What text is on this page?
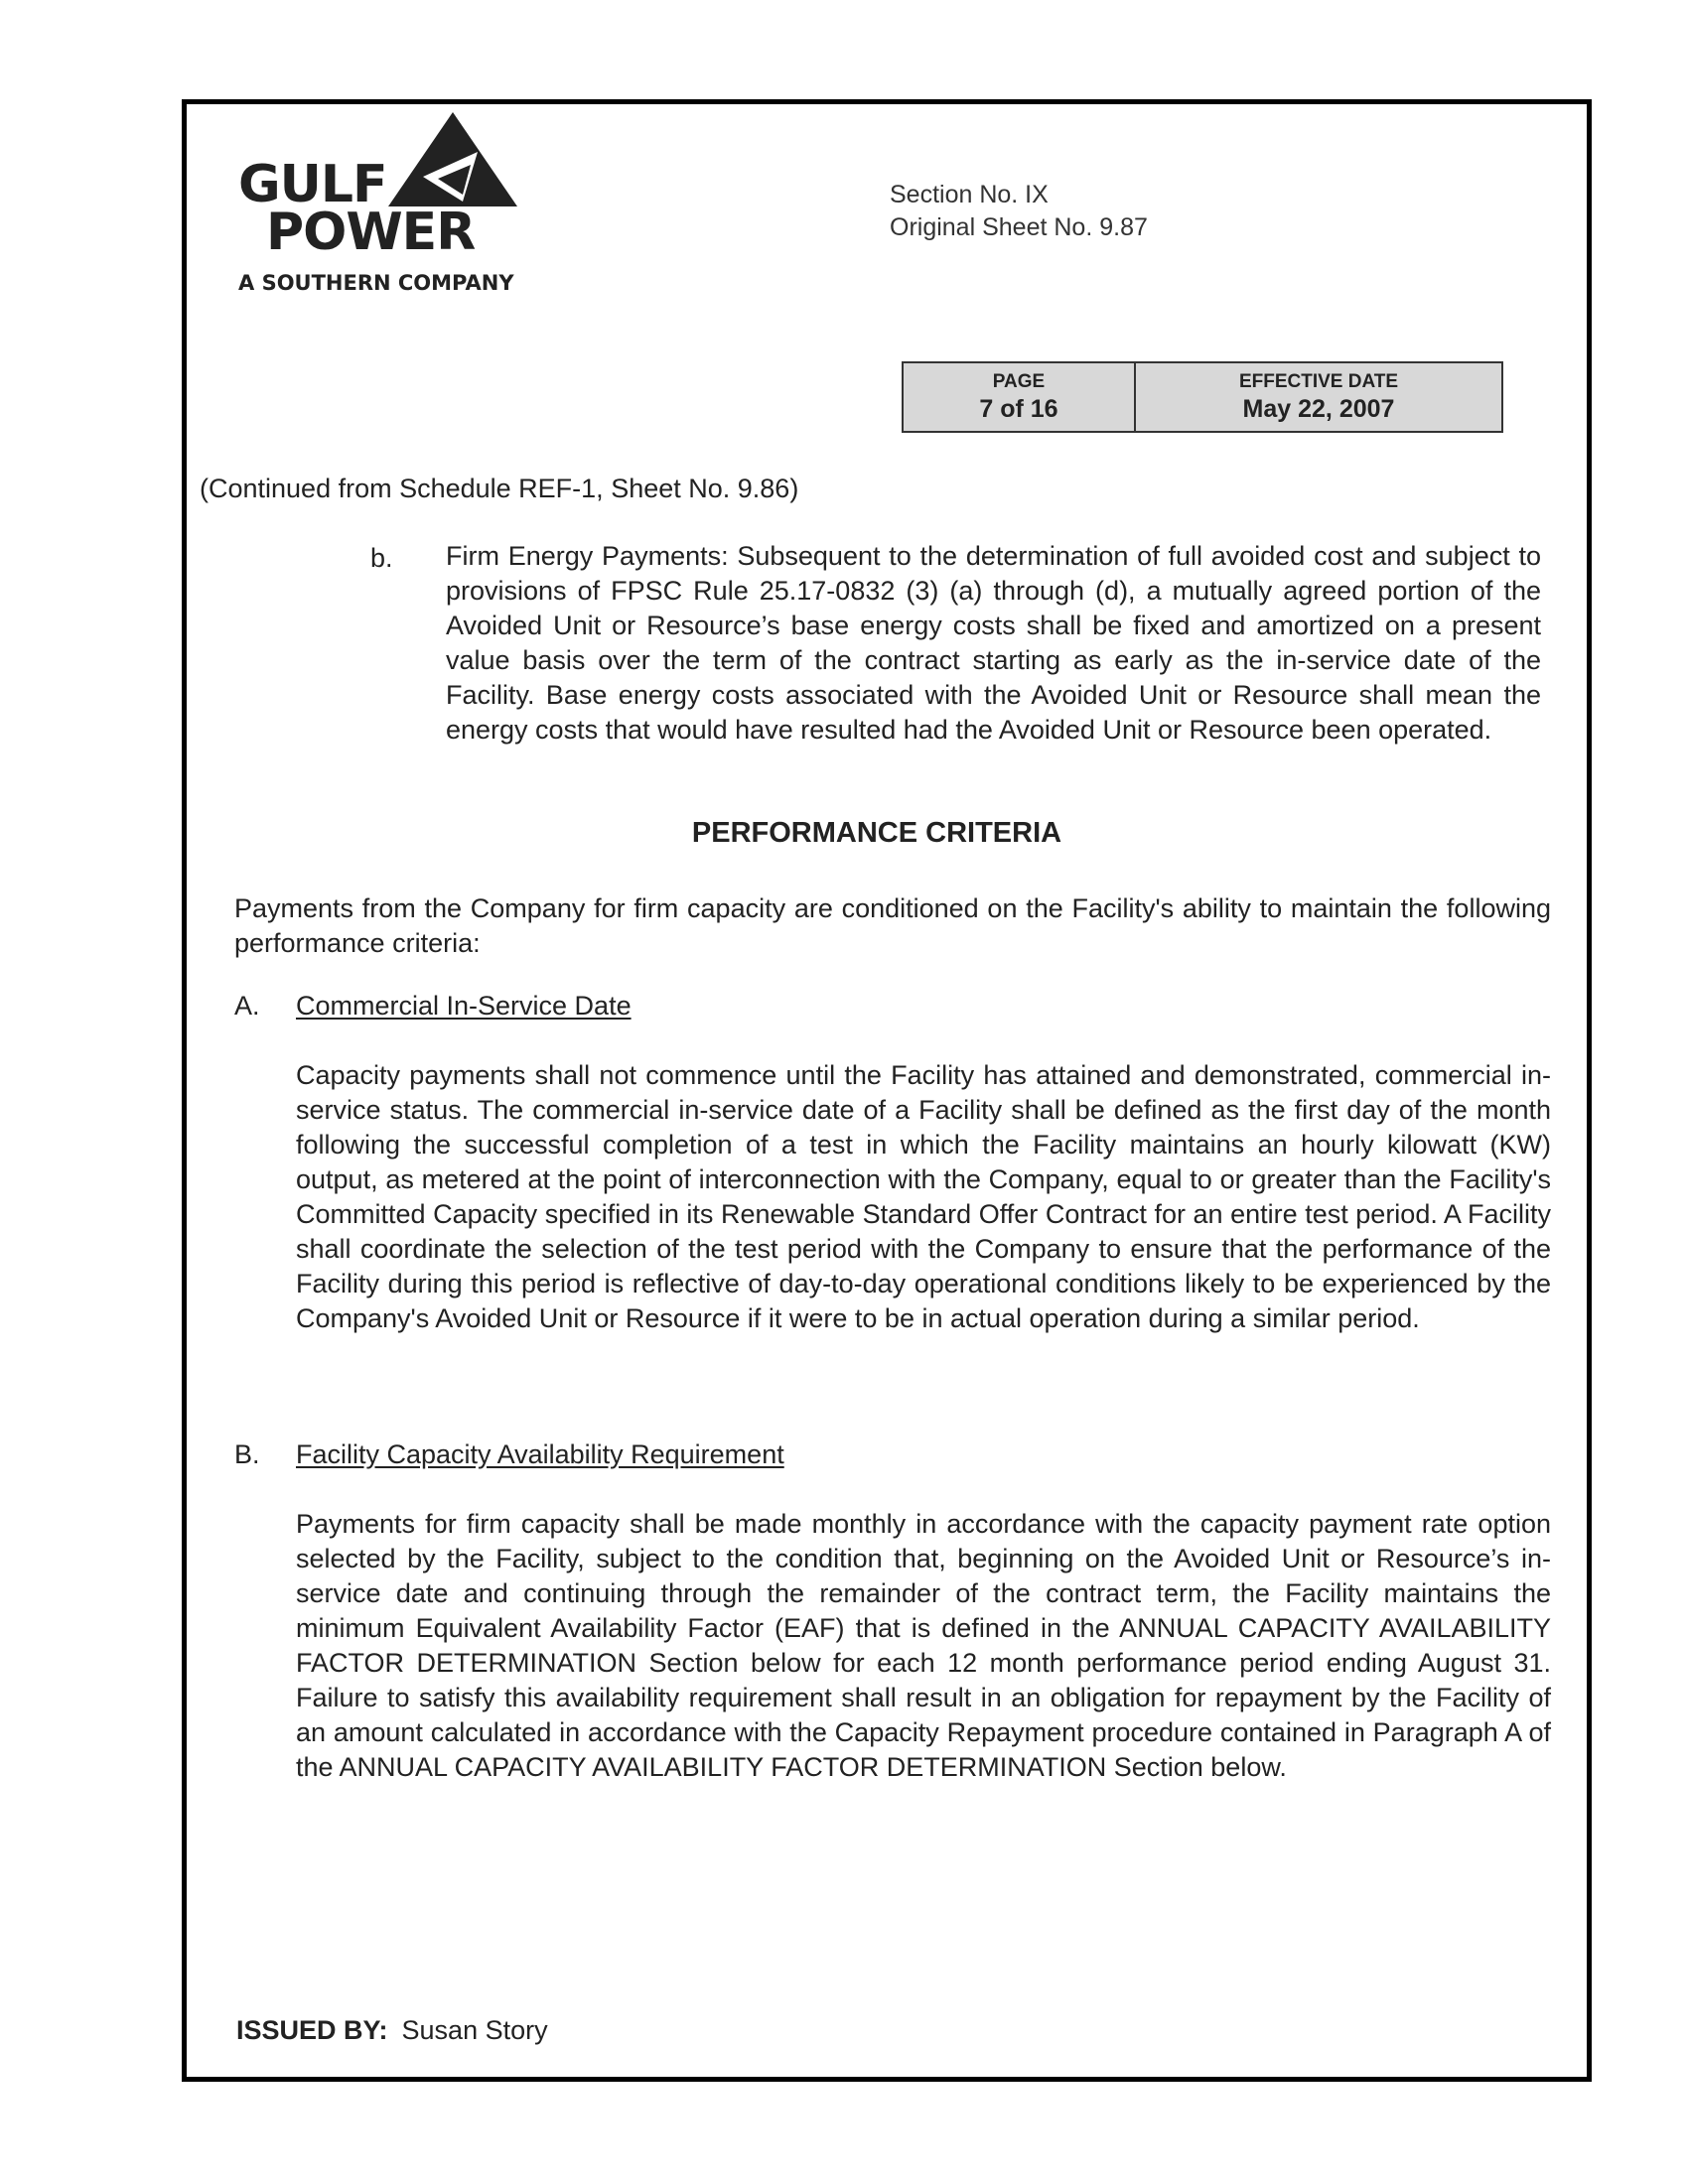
GULF
POWER
A SOUTHERN COMPANY
Section No. IX
Original Sheet No. 9.87
PAGE
7 of 16
EFFECTIVE DATE
May 22, 2007
(Continued from Schedule REF-1, Sheet No. 9.86)
b. Firm Energy Payments: Subsequent to the determination of full avoided cost and subject to provisions of FPSC Rule 25.17-0832 (3) (a) through (d), a mutually agreed portion of the Avoided Unit or Resource’s base energy costs shall be fixed and amortized on a present value basis over the term of the contract starting as early as the in-service date of the Facility. Base energy costs associated with the Avoided Unit or Resource shall mean the energy costs that would have resulted had the Avoided Unit or Resource been operated.
PERFORMANCE CRITERIA
Payments from the Company for firm capacity are conditioned on the Facility's ability to maintain the following performance criteria:
A. Commercial In-Service Date
Capacity payments shall not commence until the Facility has attained and demonstrated, commercial in-service status. The commercial in-service date of a Facility shall be defined as the first day of the month following the successful completion of a test in which the Facility maintains an hourly kilowatt (KW) output, as metered at the point of interconnection with the Company, equal to or greater than the Facility's Committed Capacity specified in its Renewable Standard Offer Contract for an entire test period. A Facility shall coordinate the selection of the test period with the Company to ensure that the performance of the Facility during this period is reflective of day-to-day operational conditions likely to be experienced by the Company's Avoided Unit or Resource if it were to be in actual operation during a similar period.
B. Facility Capacity Availability Requirement
Payments for firm capacity shall be made monthly in accordance with the capacity payment rate option selected by the Facility, subject to the condition that, beginning on the Avoided Unit or Resource’s in-service date and continuing through the remainder of the contract term, the Facility maintains the minimum Equivalent Availability Factor (EAF) that is defined in the ANNUAL CAPACITY AVAILABILITY FACTOR DETERMINATION Section below for each 12 month performance period ending August 31. Failure to satisfy this availability requirement shall result in an obligation for repayment by the Facility of an amount calculated in accordance with the Capacity Repayment procedure contained in Paragraph A of the ANNUAL CAPACITY AVAILABILITY FACTOR DETERMINATION Section below.
ISSUED BY: Susan Story
